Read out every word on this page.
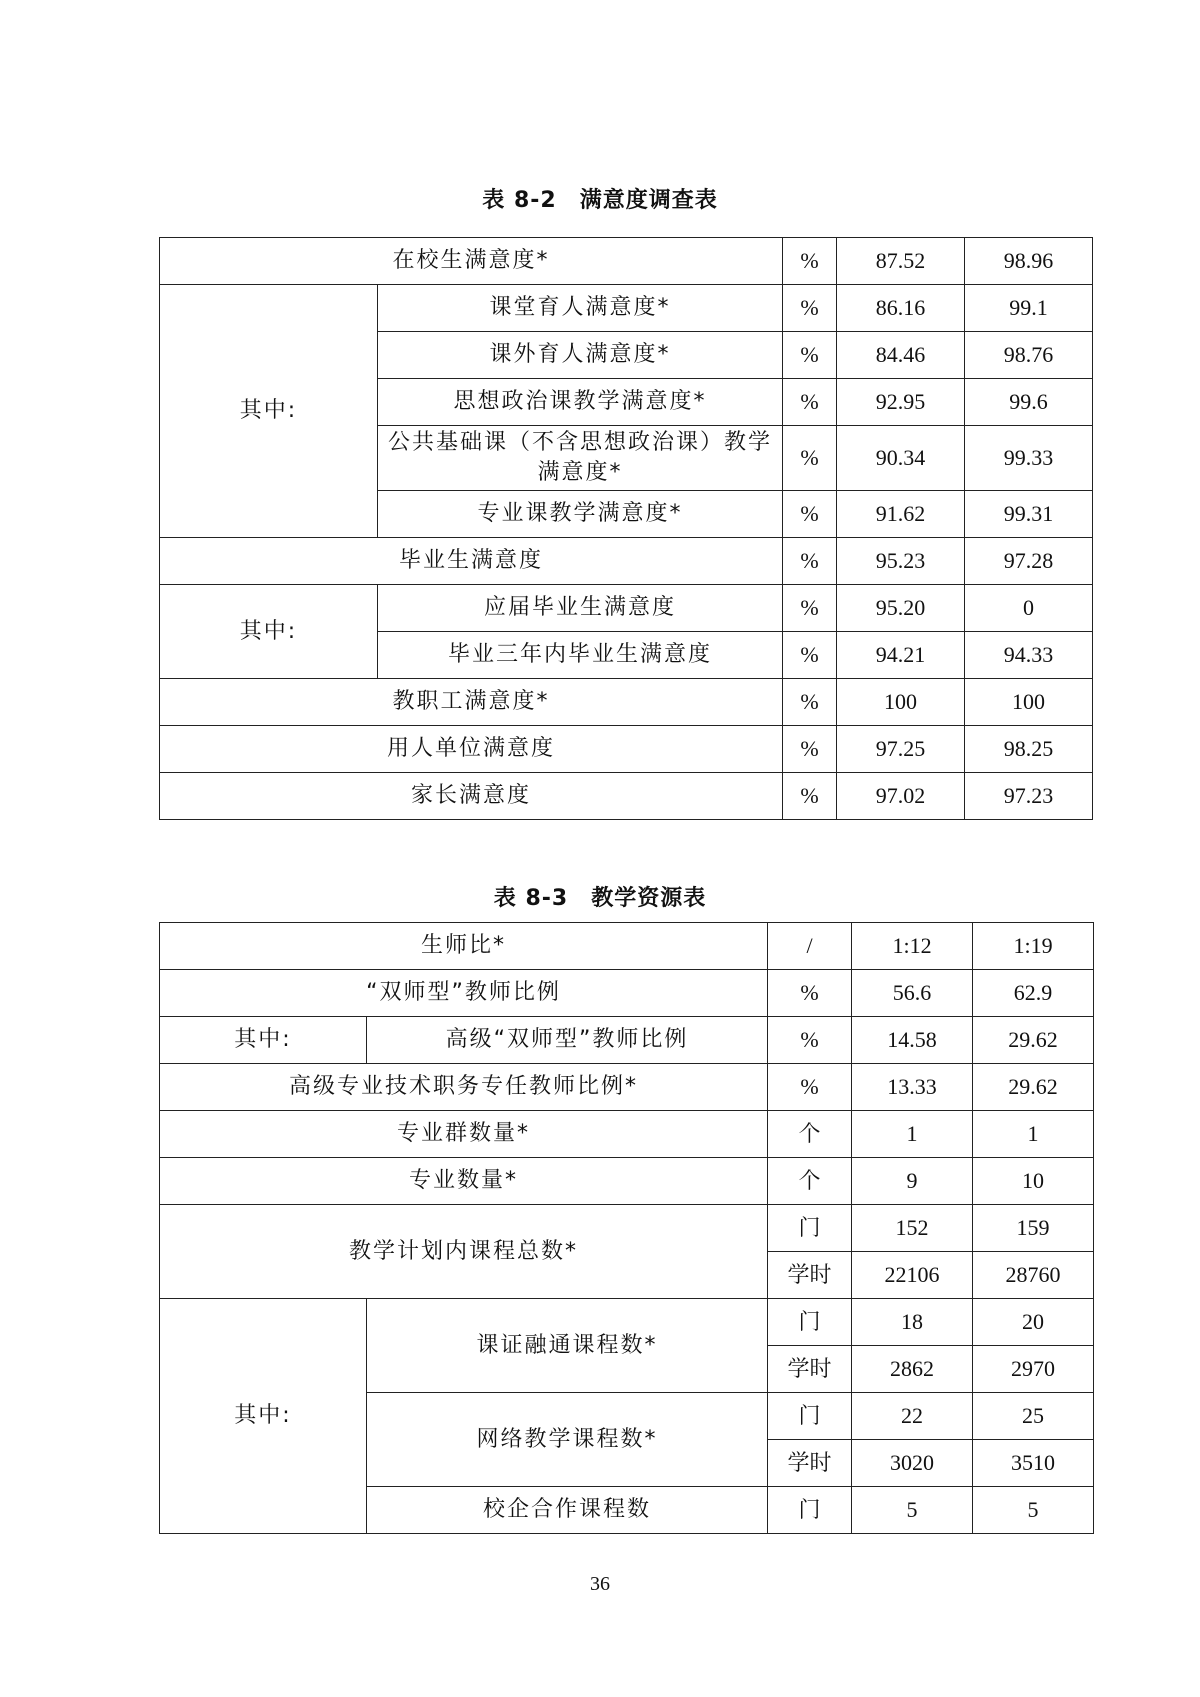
表 8-2　满意度调查表
在校生满意度*		%	87.52	98.96
其中:	课堂育人满意度*	%	86.16	99.1
	课外育人满意度*	%	84.46	98.76
	思想政治课教学满意度*	%	92.95	99.6
	公共基础课（不含思想政治课）教学满意度*	%	90.34	99.33
	专业课教学满意度*	%	91.62	99.31
毕业生满意度		%	95.23	97.28
其中:	应届毕业生满意度	%	95.20	0
	毕业三年内毕业生满意度	%	94.21	94.33
教职工满意度*		%	100	100
用人单位满意度		%	97.25	98.25
家长满意度		%	97.02	97.23
表 8-3　教学资源表
生师比*		/	1:12	1:19
“双师型”教师比例		%	56.6	62.9
其中:	高级“双师型”教师比例	%	14.58	29.62
高级专业技术职务专任教师比例*		%	13.33	29.62
专业群数量*		个	1	1
专业数量*		个	9	10
教学计划内课程总数*		门	152	159
		学时	22106	28760
其中:	课证融通课程数*	门	18	20
		学时	2862	2970
	网络教学课程数*	门	22	25
		学时	3020	3510
	校企合作课程数	门	5	5
36
